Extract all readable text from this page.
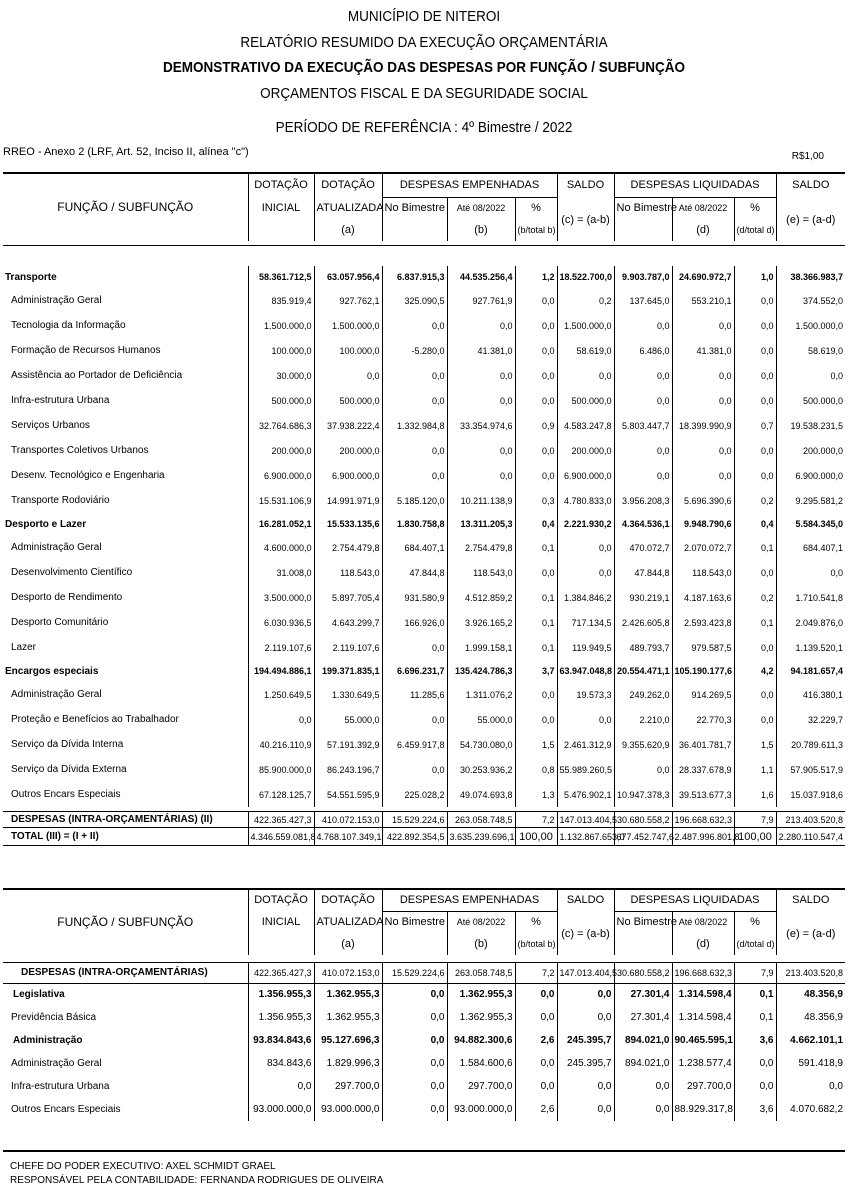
MUNICÍPIO DE NITEROI
RELATÓRIO RESUMIDO DA EXECUÇÃO ORÇAMENTÁRIA
DEMONSTRATIVO DA EXECUÇÃO DAS DESPESAS POR FUNÇÃO / SUBFUNÇÃO
ORÇAMENTOS FISCAL E DA SEGURIDADE SOCIAL
PERÍODO DE REFERÊNCIA : 4º Bimestre / 2022
RREO - Anexo 2 (LRF, Art. 52, Inciso II, alínea "c")	R$1,00
FUNÇÃO / SUBFUNÇÃO	DOTAÇÃO	DOTAÇÃO	DESPESAS EMPENHADAS			SALDO	DESPESAS LIQUIDADAS			SALDO
	INICIAL	ATUALIZADA	No Bimestre	Até 08/2022	%		No Bimestre	Até 08/2022	%	
		(a)		(b)	(b/total b)	(c) = (a-b)		(d)	(d/total d)	(e) = (a-d)
Transporte	58.361.712,5	63.057.956,4	6.837.915,3	44.535.256,4	1,2	18.522.700,0	9.903.787,0	24.690.972,7	1,0	38.366.983,7
Administração Geral	835.919,4	927.762,1	325.090,5	927.761,9	0,0	0,2	137.645,0	553.210,1	0,0	374.552,0
Tecnologia da Informação	1.500.000,0	1.500.000,0	0,0	0,0	0,0	1.500.000,0	0,0	0,0	0,0	1.500.000,0
Formação de Recursos Humanos	100.000,0	100.000,0	-5.280,0	41.381,0	0,0	58.619,0	6.486,0	41.381,0	0,0	58.619,0
Assistência ao Portador de Deficiência	30.000,0	0,0	0,0	0,0	0,0	0,0	0,0	0,0	0,0	0,0
Infra-estrutura Urbana	500.000,0	500.000,0	0,0	0,0	0,0	500.000,0	0,0	0,0	0,0	500.000,0
Serviços Urbanos	32.764.686,3	37.938.222,4	1.332.984,8	33.354.974,6	0,9	4.583.247,8	5.803.447,7	18.399.990,9	0,7	19.538.231,5
Transportes Coletivos Urbanos	200.000,0	200.000,0	0,0	0,0	0,0	200.000,0	0,0	0,0	0,0	200.000,0
Desenv. Tecnológico e Engenharia	6.900.000,0	6.900.000,0	0,0	0,0	0,0	6.900.000,0	0,0	0,0	0,0	6.900.000,0
Transporte Rodoviário	15.531.106,9	14.991.971,9	5.185.120,0	10.211.138,9	0,3	4.780.833,0	3.956.208,3	5.696.390,6	0,2	9.295.581,2
Desporto e Lazer	16.281.052,1	15.533.135,6	1.830.758,8	13.311.205,3	0,4	2.221.930,2	4.364.536,1	9.948.790,6	0,4	5.584.345,0
Administração Geral	4.600.000,0	2.754.479,8	684.407,1	2.754.479,8	0,1	0,0	470.072,7	2.070.072,7	0,1	684.407,1
Desenvolvimento Científico	31.008,0	118.543,0	47.844,8	118.543,0	0,0	0,0	47.844,8	118.543,0	0,0	0,0
Desporto de Rendimento	3.500.000,0	5.897.705,4	931.580,9	4.512.859,2	0,1	1.384.846,2	930.219,1	4.187.163,6	0,2	1.710.541,8
Desporto Comunitário	6.030.936,5	4.643.299,7	166.926,0	3.926.165,2	0,1	717.134,5	2.426.605,8	2.593.423,8	0,1	2.049.876,0
Lazer	2.119.107,6	2.119.107,6	0,0	1.999.158,1	0,1	119.949,5	489.793,7	979.587,5	0,0	1.139.520,1
Encargos especiais	194.494.886,1	199.371.835,1	6.696.231,7	135.424.786,3	3,7	63.947.048,8	20.554.471,1	105.190.177,6	4,2	94.181.657,4
Administração Geral	1.250.649,5	1.330.649,5	11.285,6	1.311.076,2	0,0	19.573,3	249.262,0	914.269,5	0,0	416.380,1
Proteção e Benefícios ao Trabalhador	0,0	55.000,0	0,0	55.000,0	0,0	0,0	2.210,0	22.770,3	0,0	32.229,7
Serviço da Dívida Interna	40.216.110,9	57.191.392,9	6.459.917,8	54.730.080,0	1,5	2.461.312,9	9.355.620,9	36.401.781,7	1,5	20.789.611,3
Serviço da Dívida Externa	85.900.000,0	86.243.196,7	0,0	30.253.936,2	0,8	55.989.260,5	0,0	28.337.678,9	1,1	57.905.517,9
Outros Encars Especiais	67.128.125,7	54.551.595,9	225.028,2	49.074.693,8	1,3	5.476.902,1	10.947.378,3	39.513.677,3	1,6	15.037.918,6
DESPESAS (INTRA-ORÇAMENTÁRIAS) (II)	422.365.427,3	410.072.153,0	15.529.224,6	263.058.748,5	7,2	147.013.404,5	30.680.558,2	196.668.632,3	7,9	213.403.520,8
TOTAL (III) = (I + II)	4.346.559.081,8	4.768.107.349,1	422.892.354,5	3.635.239.696,1	100,00	1.132.867.653,0	677.452.747,6	2.487.996.801,8	100,00	2.280.110.547,4
FUNÇÃO / SUBFUNÇÃO	DOTAÇÃO	DOTAÇÃO	DESPESAS EMPENHADAS			SALDO	DESPESAS LIQUIDADAS			SALDO
	INICIAL	ATUALIZADA	No Bimestre	Até 08/2022	%		No Bimestre	Até 08/2022	%	
		(a)		(b)	(b/total b)	(c) = (a-b)		(d)	(d/total d)	(e) = (a-d)
DESPESAS (INTRA-ORÇAMENTÁRIAS)	422.365.427,3	410.072.153,0	15.529.224,6	263.058.748,5	7,2	147.013.404,5	30.680.558,2	196.668.632,3	7,9	213.403.520,8
Legislativa	1.356.955,3	1.362.955,3	0,0	1.362.955,3	0,0	0,0	27.301,4	1.314.598,4	0,1	48.356,9
Previdência Básica	1.356.955,3	1.362.955,3	0,0	1.362.955,3	0,0	0,0	27.301,4	1.314.598,4	0,1	48.356,9
Administração	93.834.843,6	95.127.696,3	0,0	94.882.300,6	2,6	245.395,7	894.021,0	90.465.595,1	3,6	4.662.101,1
Administração Geral	834.843,6	1.829.996,3	0,0	1.584.600,6	0,0	245.395,7	894.021,0	1.238.577,4	0,0	591.418,9
Infra-estrutura Urbana	0,0	297.700,0	0,0	297.700,0	0,0	0,0	0,0	297.700,0	0,0	0,0
Outros Encars Especiais	93.000.000,0	93.000.000,0	0,0	93.000.000,0	2,6	0,0	0,0	88.929.317,8	3,6	4.070.682,2
CHEFE DO PODER EXECUTIVO: AXEL SCHMIDT GRAEL
RESPONSÁVEL PELA CONTABILIDADE: FERNANDA RODRIGUES DE OLIVEIRA
